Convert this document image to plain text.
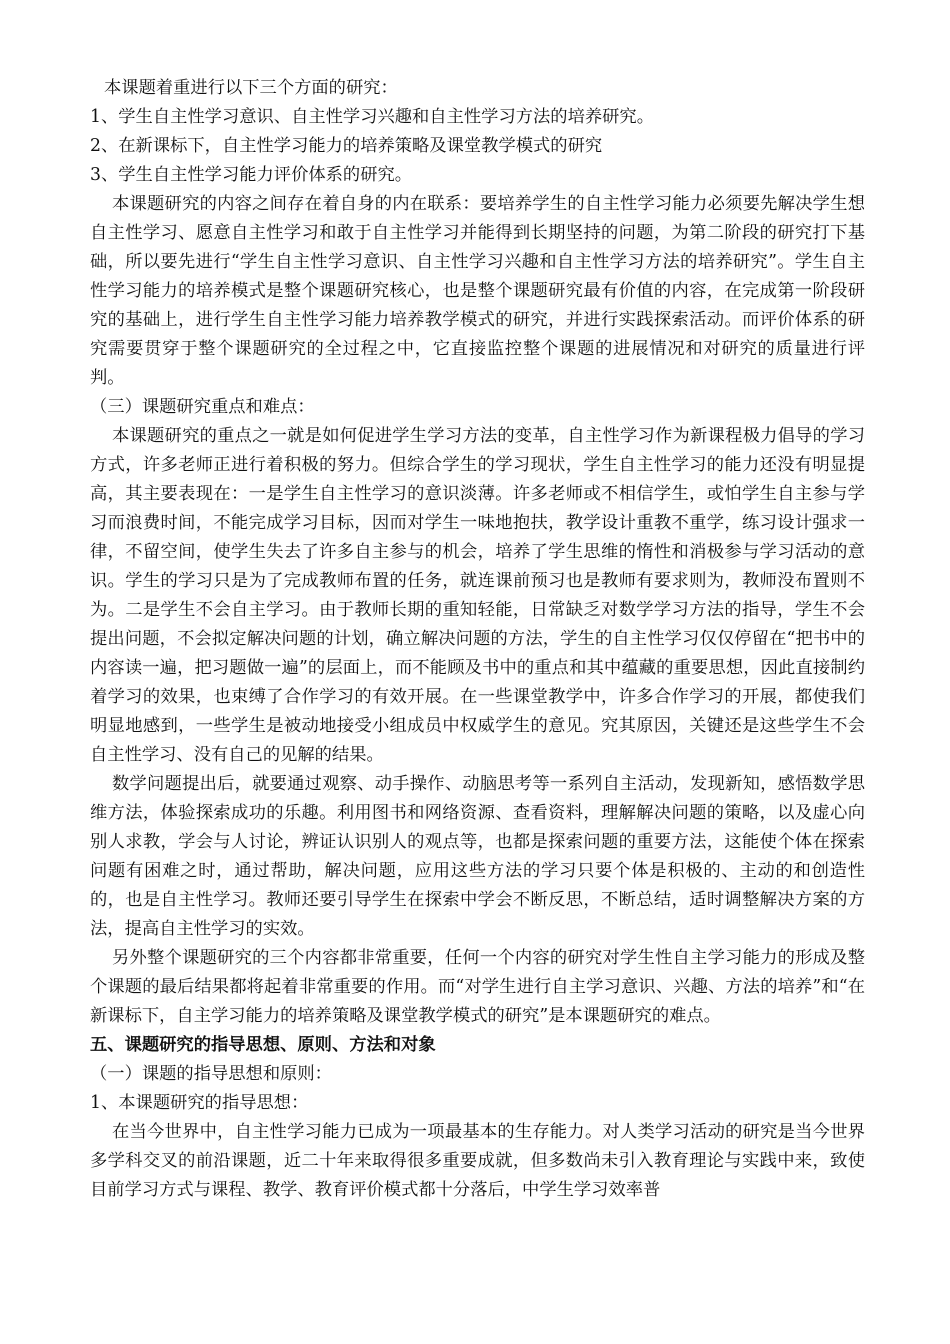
本课题着重进行以下三个方面的研究：

1、学生自主性学习意识、自主性学习兴趣和自主性学习方法的培养研究。

2、在新课标下，自主性学习能力的培养策略及课堂教学模式的研究

3、学生自主性学习能力评价体系的研究。

本课题研究的内容之间存在着自身的内在联系：要培养学生的自主性学习能力必须要先解决学生想自主性学习、愿意自主性学习和敢于自主性学习并能得到长期坚持的问题，为第二阶段的研究打下基础，所以要先进行“学生自主性学习意识、自主性学习兴趣和自主性学习方法的培养研究”。学生自主性学习能力的培养模式是整个课题研究核心，也是整个课题研究最有价值的内容，在完成第一阶段研究的基础上，进行学生自主性学习能力培养教学模式的研究，并进行实践探索活动。而评价体系的研究需要贯穿于整个课题研究的全过程之中，它直接监控整个课题的进展情况和对研究的质量进行评判。

（三）课题研究重点和难点：

本课题研究的重点之一就是如何促进学生学习方法的变革，自主性学习作为新课程极力倡导的学习方式，许多老师正进行着积极的努力。但综合学生的学习现状，学生自主性学习的能力还没有明显提高，其主要表现在：一是学生自主性学习的意识淡薄。许多老师或不相信学生，或怕学生自主参与学习而浪费时间，不能完成学习目标，因而对学生一味地抱扶，教学设计重教不重学，练习设计强求一律，不留空间，使学生失去了许多自主参与的机会，培养了学生思维的惰性和消极参与学习活动的意识。学生的学习只是为了完成教师布置的任务，就连课前预习也是教师有要求则为，教师没布置则不为。二是学生不会自主学习。由于教师长期的重知轻能，日常缺乏对数学学习方法的指导，学生不会提出问题，不会拟定解决问题的计划，确立解决问题的方法，学生的自主性学习仅仅停留在“把书中的内容读一遍，把习题做一遍”的层面上，而不能顾及书中的重点和其中蕴藏的重要思想，因此直接制约着学习的效果，也束缚了合作学习的有效开展。在一些课堂教学中，许多合作学习的开展，都使我们明显地感到，一些学生是被动地接受小组成员中权威学生的意见。究其原因，关键还是这些学生不会自主性学习、没有自己的见解的结果。

数学问题提出后，就要通过观察、动手操作、动脑思考等一系列自主活动，发现新知，感悟数学思维方法，体验探索成功的乐趣。利用图书和网络资源、查看资料，理解解决问题的策略，以及虚心向别人求教，学会与人讨论，辨证认识别人的观点等，也都是探索问题的重要方法，这能使个体在探索问题有困难之时，通过帮助，解决问题，应用这些方法的学习只要个体是积极的、主动的和创造性的，也是自主性学习。教师还要引导学生在探索中学会不断反思，不断总结，适时调整解决方案的方法，提高自主性学习的实效。

另外整个课题研究的三个内容都非常重要，任何一个内容的研究对学生性自主学习能力的形成及整个课题的最后结果都将起着非常重要的作用。而“对学生进行自主学习意识、兴趣、方法的培养”和“在新课标下，自主学习能力的培养策略及课堂教学模式的研究”是本课题研究的难点。

五、课题研究的指导思想、原则、方法和对象

（一）课题的指导思想和原则：

1、本课题研究的指导思想：

在当今世界中，自主性学习能力已成为一项最基本的生存能力。对人类学习活动的研究是当今世界多学科交叉的前沿课题，近二十年来取得很多重要成就，但多数尚未引入教育理论与实践中来，致使目前学习方式与课程、教学、教育评价模式都十分落后，中学生学习效率普
